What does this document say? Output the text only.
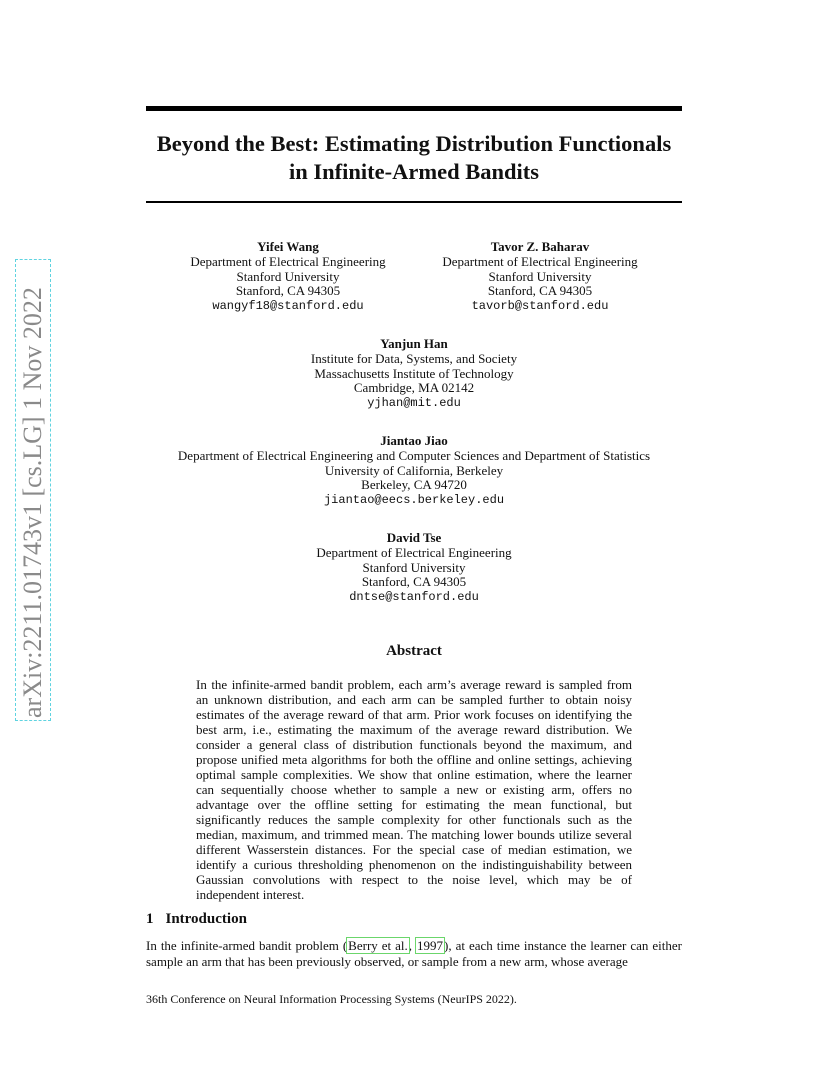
arXiv:2211.01743v1 [cs.LG] 1 Nov 2022
Beyond the Best: Estimating Distribution Functionals
in Infinite-Armed Bandits
Yifei Wang
Department of Electrical Engineering
Stanford University
Stanford, CA 94305
wangyf18@stanford.edu
Tavor Z. Baharav
Department of Electrical Engineering
Stanford University
Stanford, CA 94305
tavorb@stanford.edu
Yanjun Han
Institute for Data, Systems, and Society
Massachusetts Institute of Technology
Cambridge, MA 02142
yjhan@mit.edu
Jiantao Jiao
Department of Electrical Engineering and Computer Sciences and Department of Statistics
University of California, Berkeley
Berkeley, CA 94720
jiantao@eecs.berkeley.edu
David Tse
Department of Electrical Engineering
Stanford University
Stanford, CA 94305
dntse@stanford.edu
Abstract
In the infinite-armed bandit problem, each arm’s average reward is sampled from an unknown distribution, and each arm can be sampled further to obtain noisy estimates of the average reward of that arm. Prior work focuses on identifying the best arm, i.e., estimating the maximum of the average reward distribution. We consider a general class of distribution functionals beyond the maximum, and propose unified meta algorithms for both the offline and online settings, achieving optimal sample complexities. We show that online estimation, where the learner can sequentially choose whether to sample a new or existing arm, offers no advantage over the offline setting for estimating the mean functional, but significantly reduces the sample complexity for other functionals such as the median, maximum, and trimmed mean. The matching lower bounds utilize several different Wasserstein distances. For the special case of median estimation, we identify a curious thresholding phenomenon on the indistinguishability between Gaussian convolutions with respect to the noise level, which may be of independent interest.
1 Introduction
In the infinite-armed bandit problem (Berry et al., 1997), at each time instance the learner can either sample an arm that has been previously observed, or sample from a new arm, whose average
36th Conference on Neural Information Processing Systems (NeurIPS 2022).
